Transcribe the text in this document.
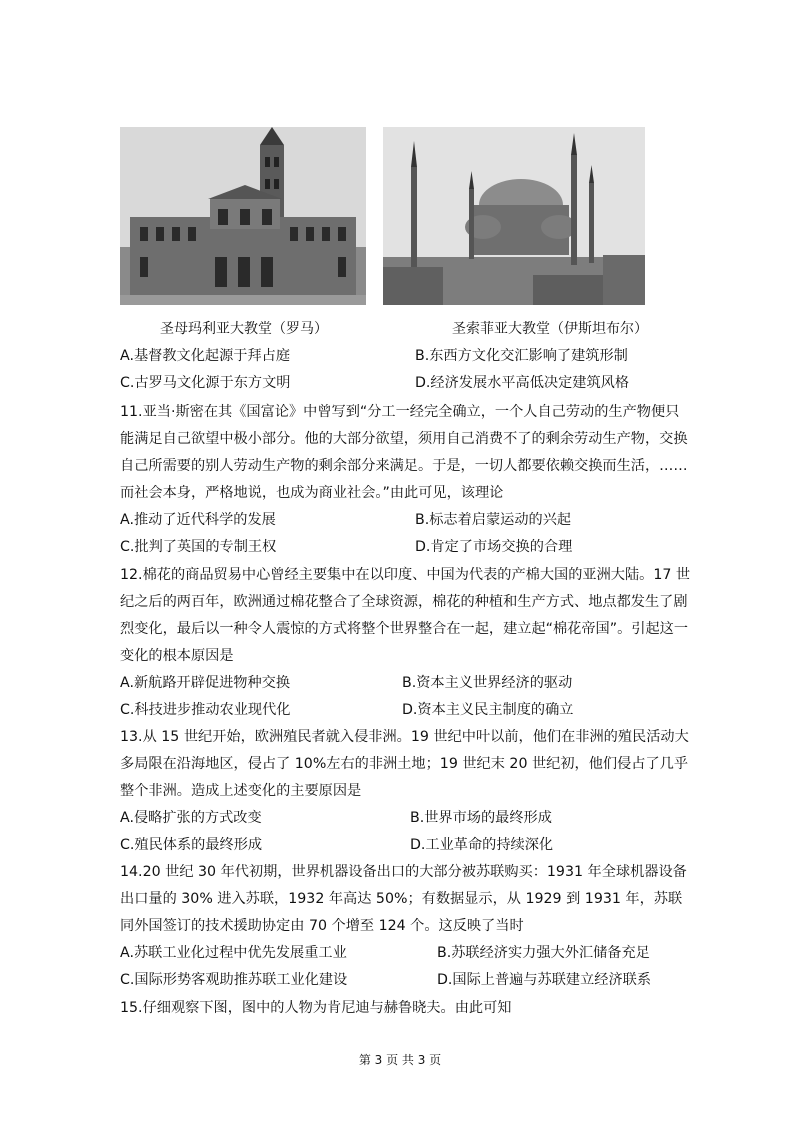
圣母玛利亚大教堂（罗马）	圣索菲亚大教堂（伊斯坦布尔）
A.基督教文化起源于拜占庭	B.东西方文化交汇影响了建筑形制
C.古罗马文化源于东方文明	D.经济发展水平高低决定建筑风格
11.亚当·斯密在其《国富论》中曾写到“分工一经完全确立，一个人自己劳动的生产物便只
能满足自己欲望中极小部分。他的大部分欲望，须用自己消费不了的剩余劳动生产物，交换
自己所需要的别人劳动生产物的剩余部分来满足。于是，一切人都要依赖交换而生活，……
而社会本身，严格地说，也成为商业社会。”由此可见，该理论
A.推动了近代科学的发展	B.标志着启蒙运动的兴起
C.批判了英国的专制王权	D.肯定了市场交换的合理
12.棉花的商品贸易中心曾经主要集中在以印度、中国为代表的产棉大国的亚洲大陆。17 世
纪之后的两百年，欧洲通过棉花整合了全球资源，棉花的种植和生产方式、地点都发生了剧
烈变化，最后以一种令人震惊的方式将整个世界整合在一起，建立起“棉花帝国”。引起这一
变化的根本原因是
A.新航路开辟促进物种交换	B.资本主义世界经济的驱动
C.科技进步推动农业现代化	D.资本主义民主制度的确立
13.从 15 世纪开始，欧洲殖民者就入侵非洲。19 世纪中叶以前，他们在非洲的殖民活动大
多局限在沿海地区，侵占了 10%左右的非洲土地；19 世纪末 20 世纪初，他们侵占了几乎
整个非洲。造成上述变化的主要原因是
A.侵略扩张的方式改变	B.世界市场的最终形成
C.殖民体系的最终形成	D.工业革命的持续深化
14.20 世纪 30 年代初期，世界机器设备出口的大部分被苏联购买：1931 年全球机器设备
出口量的 30% 进入苏联，1932 年高达 50%；有数据显示，从 1929 到 1931 年，苏联
同外国签订的技术援助协定由 70 个增至 124 个。这反映了当时
A.苏联工业化过程中优先发展重工业	B.苏联经济实力强大外汇储备充足
C.国际形势客观助推苏联工业化建设	D.国际上普遍与苏联建立经济联系
15.仔细观察下图，图中的人物为肯尼迪与赫鲁晓夫。由此可知
第 3 页 共 3 页
